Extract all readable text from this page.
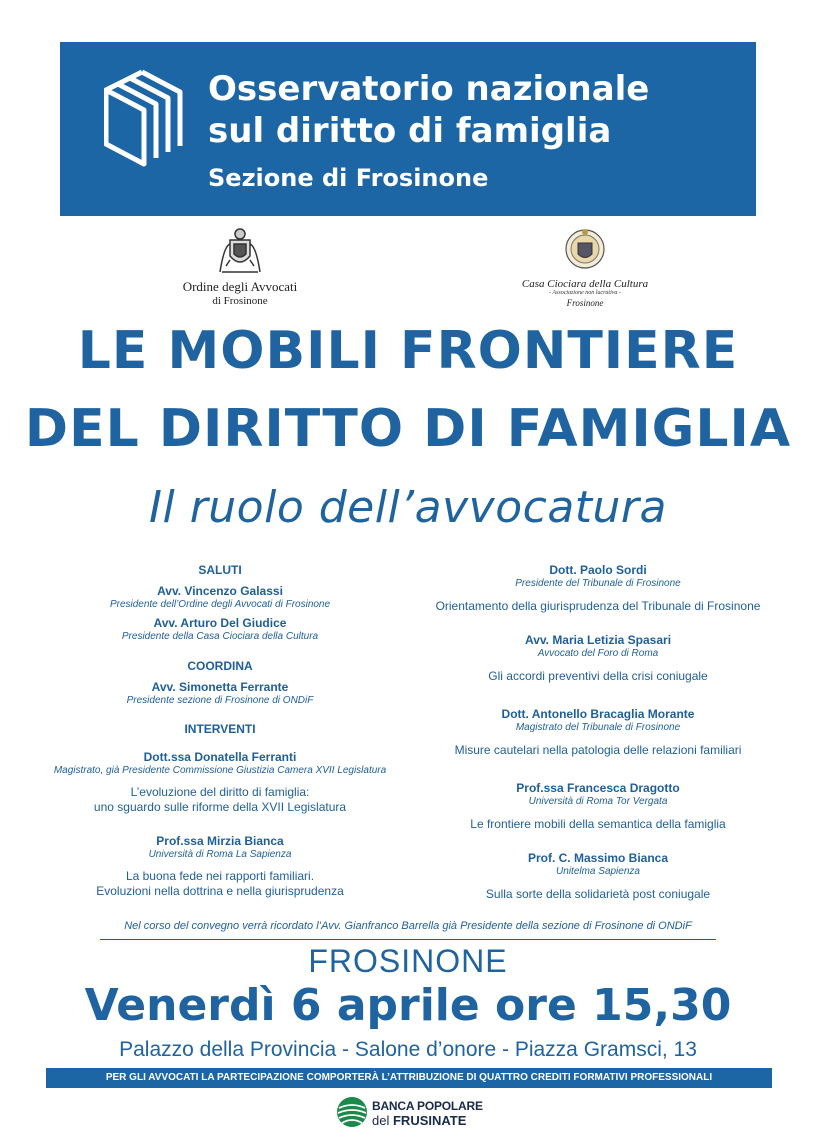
Osservatorio nazionale
sul diritto di famiglia
Sezione di Frosinone
Ordine degli Avvocati
di Frosinone
Casa Ciociara della Cultura
- Associazione non lucrativa -
Frosinone
LE MOBILI FRONTIERE
DEL DIRITTO DI FAMIGLIA
Il ruolo dell’avvocatura
SALUTI
Avv. Vincenzo Galassi
Presidente dell’Ordine degli Avvocati di Frosinone
Avv. Arturo Del Giudice
Presidente della Casa Ciociara della Cultura
COORDINA
Avv. Simonetta Ferrante
Presidente sezione di Frosinone di ONDiF
INTERVENTI
Dott.ssa Donatella Ferranti
Magistrato, già Presidente Commissione Giustizia Camera XVII Legislatura
L’evoluzione del diritto di famiglia:
uno sguardo sulle riforme della XVII Legislatura
Prof.ssa Mirzia Bianca
Università di Roma La Sapienza
La buona fede nei rapporti familiari.
Evoluzioni nella dottrina e nella giurisprudenza
Dott. Paolo Sordi
Presidente del Tribunale di Frosinone
Orientamento della giurisprudenza del Tribunale di Frosinone
Avv. Maria Letizia Spasari
Avvocato del Foro di Roma
Gli accordi preventivi della crisi coniugale
Dott. Antonello Bracaglia Morante
Magistrato del Tribunale di Frosinone
Misure cautelari nella patologia delle relazioni familiari
Prof.ssa Francesca Dragotto
Università di Roma Tor Vergata
Le frontiere mobili della semantica della famiglia
Prof. C. Massimo Bianca
Unitelma Sapienza
Sulla sorte della solidarietà post coniugale
Nel corso del convegno verrà ricordato l’Avv. Gianfranco Barrella già Presidente della sezione di Frosinone di ONDiF
FROSINONE
Venerdì 6 aprile ore 15,30
Palazzo della Provincia - Salone d’onore - Piazza Gramsci, 13
PER GLI AVVOCATI LA PARTECIPAZIONE COMPORTERÀ L’ATTRIBUZIONE DI QUATTRO CREDITI FORMATIVI PROFESSIONALI
BANCA POPOLARE
del FRUSINATE
